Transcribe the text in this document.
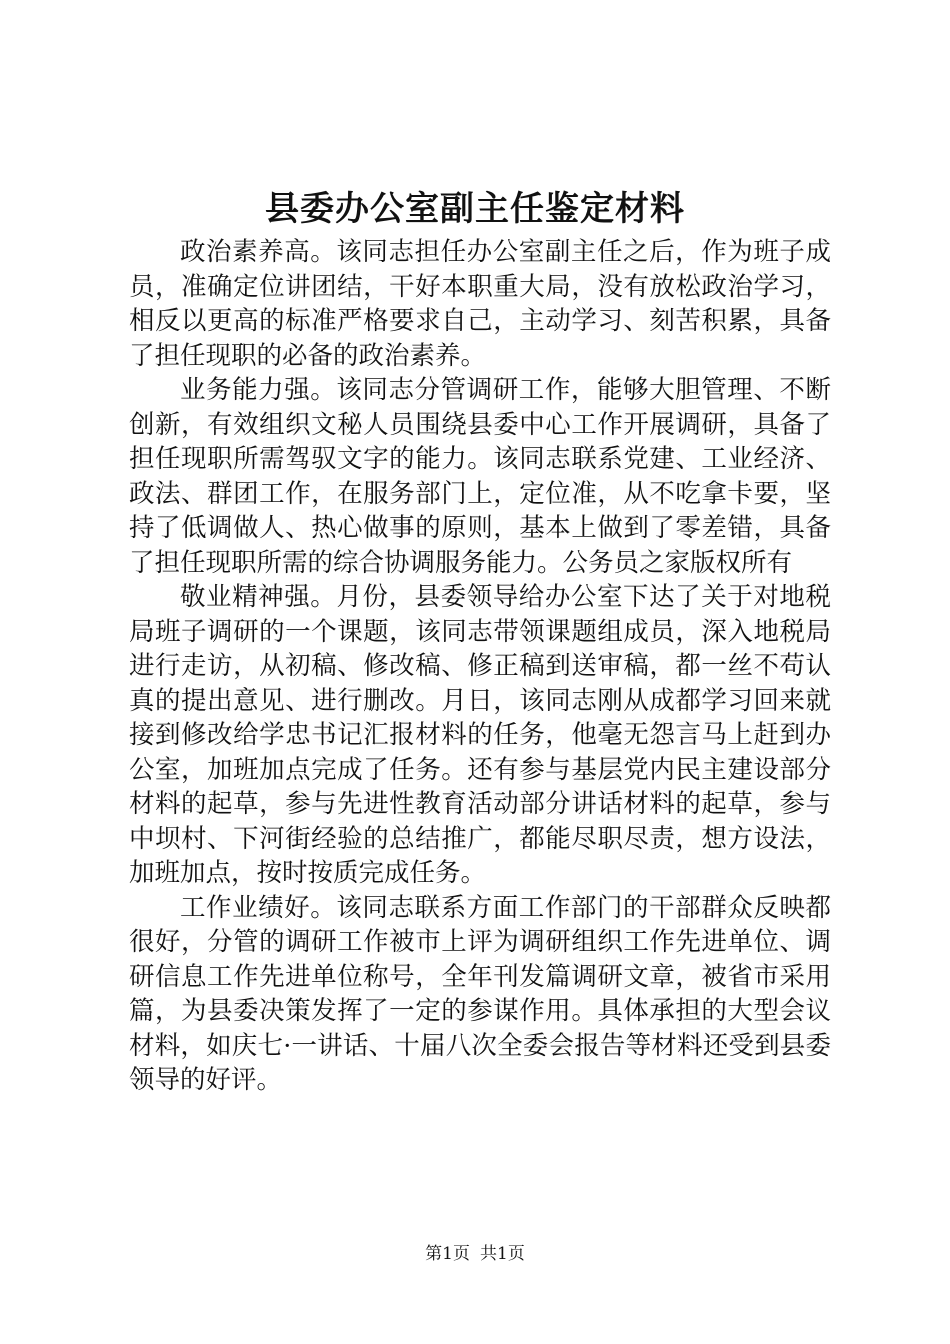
县委办公室副主任鉴定材料

政治素养高。该同志担任办公室副主任之后，作为班子成员，准确定位讲团结，干好本职重大局，没有放松政治学习，相反以更高的标准严格要求自己，主动学习、刻苦积累，具备了担任现职的必备的政治素养。

业务能力强。该同志分管调研工作，能够大胆管理、不断创新，有效组织文秘人员围绕县委中心工作开展调研，具备了担任现职所需驾驭文字的能力。该同志联系党建、工业经济、政法、群团工作，在服务部门上，定位准，从不吃拿卡要，坚持了低调做人、热心做事的原则，基本上做到了零差错，具备了担任现职所需的综合协调服务能力。公务员之家版权所有

敬业精神强。月份，县委领导给办公室下达了关于对地税局班子调研的一个课题，该同志带领课题组成员，深入地税局进行走访，从初稿、修改稿、修正稿到送审稿，都一丝不苟认真的提出意见、进行删改。月日，该同志刚从成都学习回来就接到修改给学忠书记汇报材料的任务，他毫无怨言马上赶到办公室，加班加点完成了任务。还有参与基层党内民主建设部分材料的起草，参与先进性教育活动部分讲话材料的起草，参与中坝村、下河街经验的总结推广，都能尽职尽责，想方设法，加班加点，按时按质完成任务。

工作业绩好。该同志联系方面工作部门的干部群众反映都很好，分管的调研工作被市上评为调研组织工作先进单位、调研信息工作先进单位称号，全年刊发篇调研文章，被省市采用篇，为县委决策发挥了一定的参谋作用。具体承担的大型会议材料，如庆七·一讲话、十届八次全委会报告等材料还受到县委领导的好评。

第1页 共1页
